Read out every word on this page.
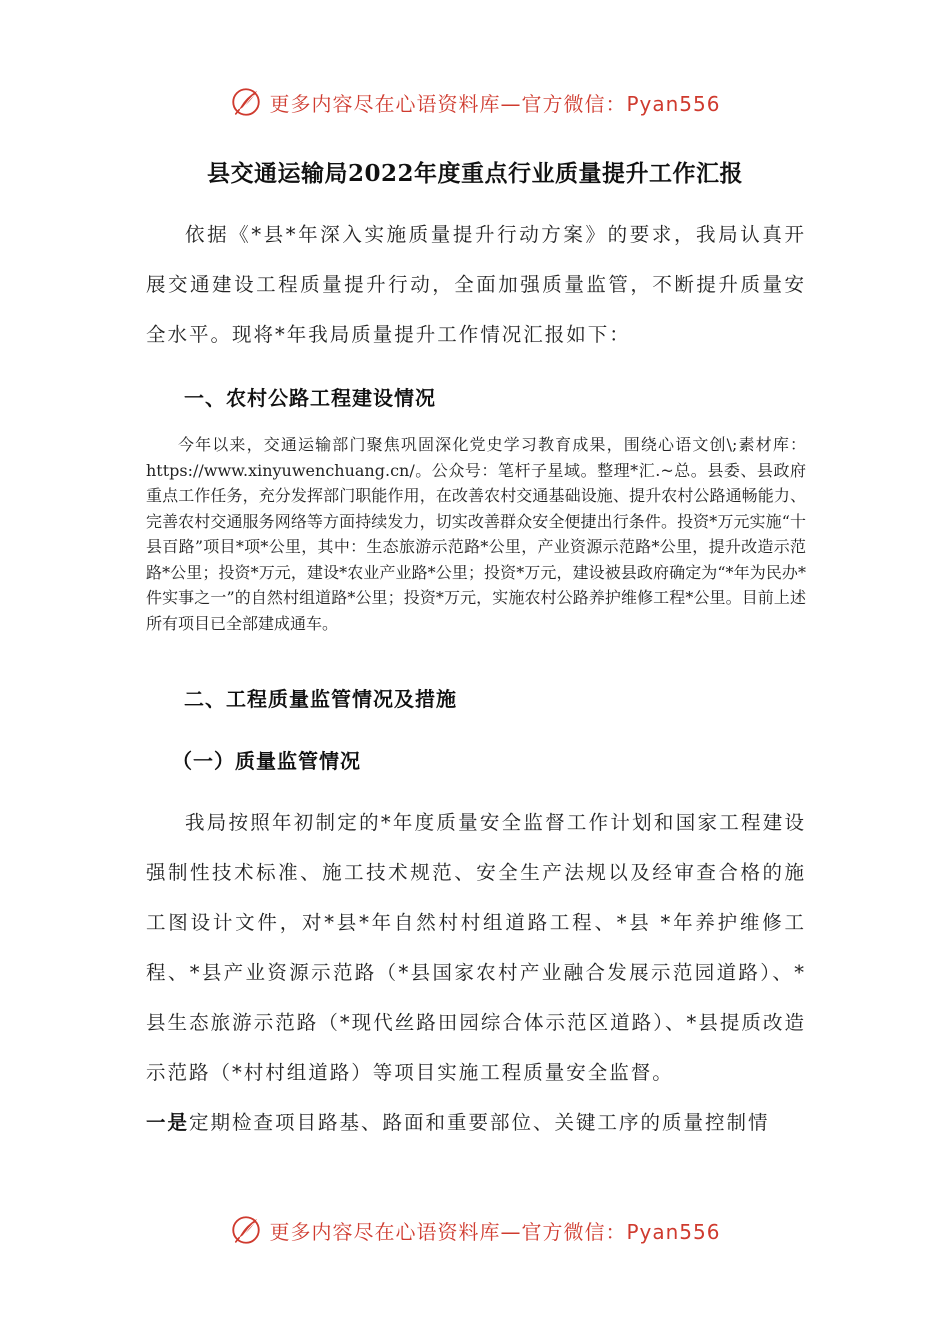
更多内容尽在心语资料库—官方微信：Pyan556
县交通运输局2022年度重点行业质量提升工作汇报

依据《*县*年深入实施质量提升行动方案》的要求，我局认真开展交通建设工程质量提升行动，全面加强质量监管，不断提升质量安全水平。现将*年我局质量提升工作情况汇报如下：

一、农村公路工程建设情况

今年以来，交通运输部门聚焦巩固深化党史学习教育成果，围绕心语文创\;素材库：https://www.xinyuwenchuang.cn/。公众号：笔杆子星域。整理*汇.~总。县委、县政府重点工作任务，充分发挥部门职能作用，在改善农村交通基础设施、提升农村公路通畅能力、完善农村交通服务网络等方面持续发力，切实改善群众安全便捷出行条件。投资*万元实施“十县百路”项目*项*公里，其中：生态旅游示范路*公里，产业资源示范路*公里，提升改造示范路*公里；投资*万元，建设*农业产业路*公里；投资*万元，建设被县政府确定为“*年为民办*件实事之一”的自然村组道路*公里；投资*万元，实施农村公路养护维修工程*公里。目前上述所有项目已全部建成通车。

二、工程质量监管情况及措施
（一）质量监管情况

我局按照年初制定的*年度质量安全监督工作计划和国家工程建设强制性技术标准、施工技术规范、安全生产法规以及经审查合格的施工图设计文件，对*县*年自然村村组道路工程、*县 *年养护维修工程、*县产业资源示范路（*县国家农村产业融合发展示范园道路）、*县生态旅游示范路（*现代丝路田园综合体示范区道路）、*县提质改造示范路（*村村组道路）等项目实施工程质量安全监督。

一是定期检查项目路基、路面和重要部位、关键工序的质量控制情

更多内容尽在心语资料库—官方微信：Pyan556
